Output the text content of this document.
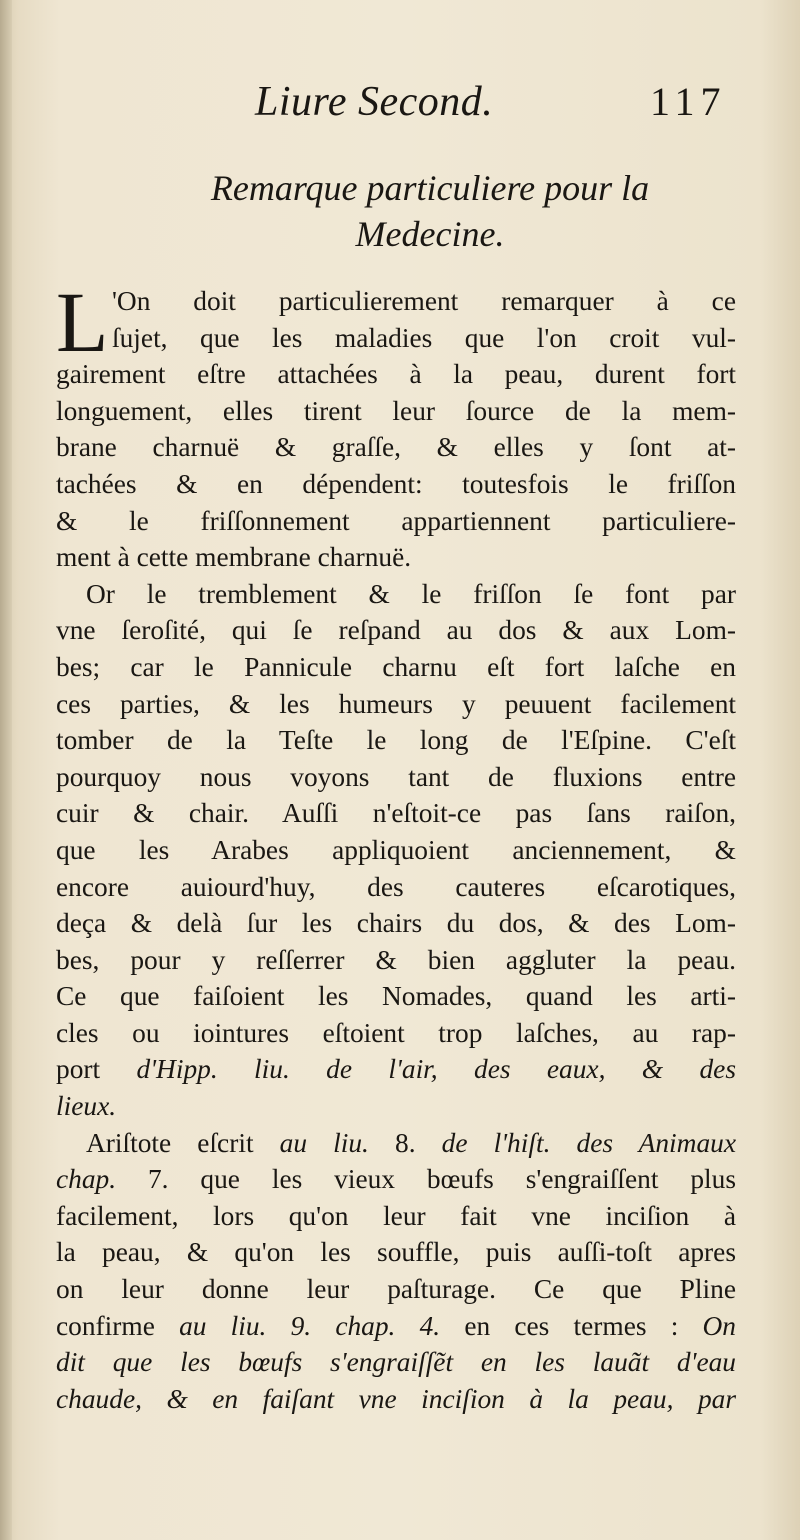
Liure Second.	117
Remarque particuliere pour la
Medecine.

L 'On doit particulierement remarquer à ce
ſujet, que les maladies que l'on croit vul-
gairement eſtre attachées à la peau, durent fort
longuement, elles tirent leur ſource de la mem-
brane charnuë & graſſe, & elles y ſont at-
tachées & en dépendent: toutesfois le friſſon
& le friſſonnement appartiennent particuliere-
ment à cette membrane charnuë.

Or le tremblement & le friſſon ſe font par
vne ſeroſité, qui ſe reſpand au dos & aux Lom-
bes; car le Pannicule charnu eſt fort laſche en
ces parties, & les humeurs y peuuent facilement
tomber de la Teſte le long de l'Eſpine. C'eſt
pourquoy nous voyons tant de fluxions entre
cuir & chair. Auſſi n'eſtoit-ce pas ſans raiſon,
que les Arabes appliquoient anciennement, &
encore auiourd'huy, des cauteres eſcarotiques,
deça & delà ſur les chairs du dos, & des Lom-
bes, pour y reſſerrer & bien aggluter la peau.
Ce que faiſoient les Nomades, quand les arti-
cles ou iointures eſtoient trop laſches, au rap-
port d'Hipp. liu. de l'air, des eaux, & des
lieux.

Ariſtote eſcrit au liu. 8. de l'hiſt. des Animaux
chap. 7. que les vieux bœufs s'engraiſſent plus
facilement, lors qu'on leur fait vne inciſion à
la peau, & qu'on les souffle, puis auſſi-toſt apres
on leur donne leur paſturage. Ce que Pline
confirme au liu. 9. chap. 4. en ces termes : On
dit que les bœufs s'engraiſſẽt en les lauãt d'eau
chaude, & en faiſant vne inciſion à la peau, par
